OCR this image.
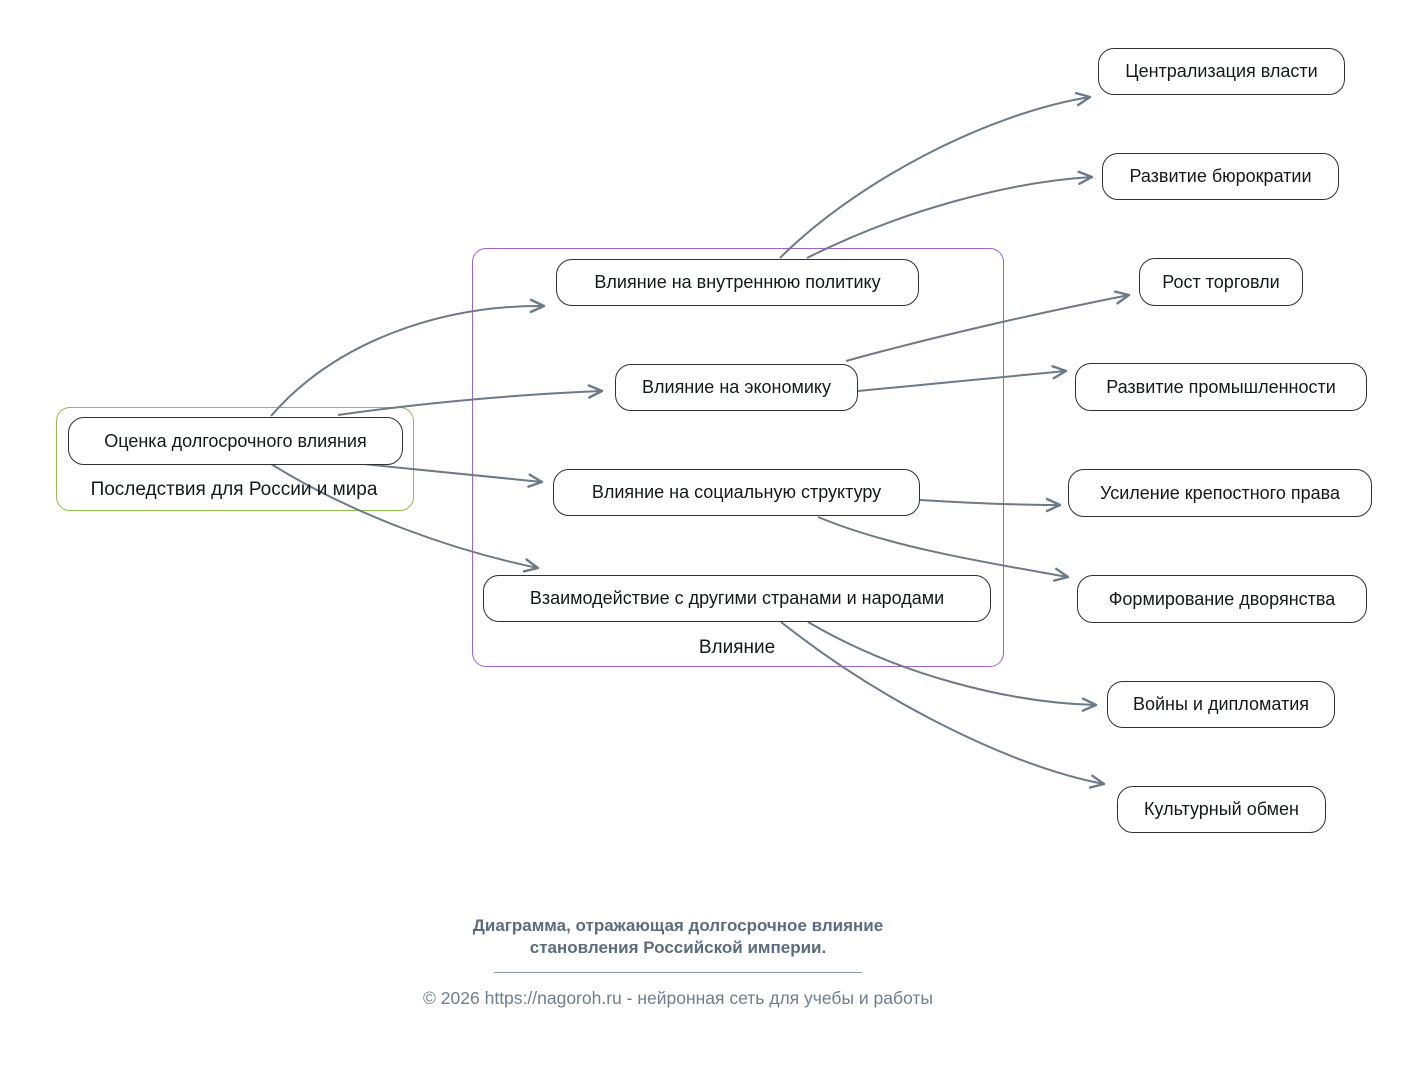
Последствия для России и мира
Влияние
Оценка долгосрочного влияния
Влияние на внутреннюю политику
Влияние на экономику
Влияние на социальную структуру
Взаимодействие с другими странами и народами
Централизация власти
Развитие бюрократии
Рост торговли
Развитие промышленности
Усиление крепостного права
Формирование дворянства
Войны и дипломатия
Культурный обмен
Диаграмма, отражающая долгосрочное влияние
становления Российской империи.
© 2026 https://nagoroh.ru - нейронная сеть для учебы и работы
